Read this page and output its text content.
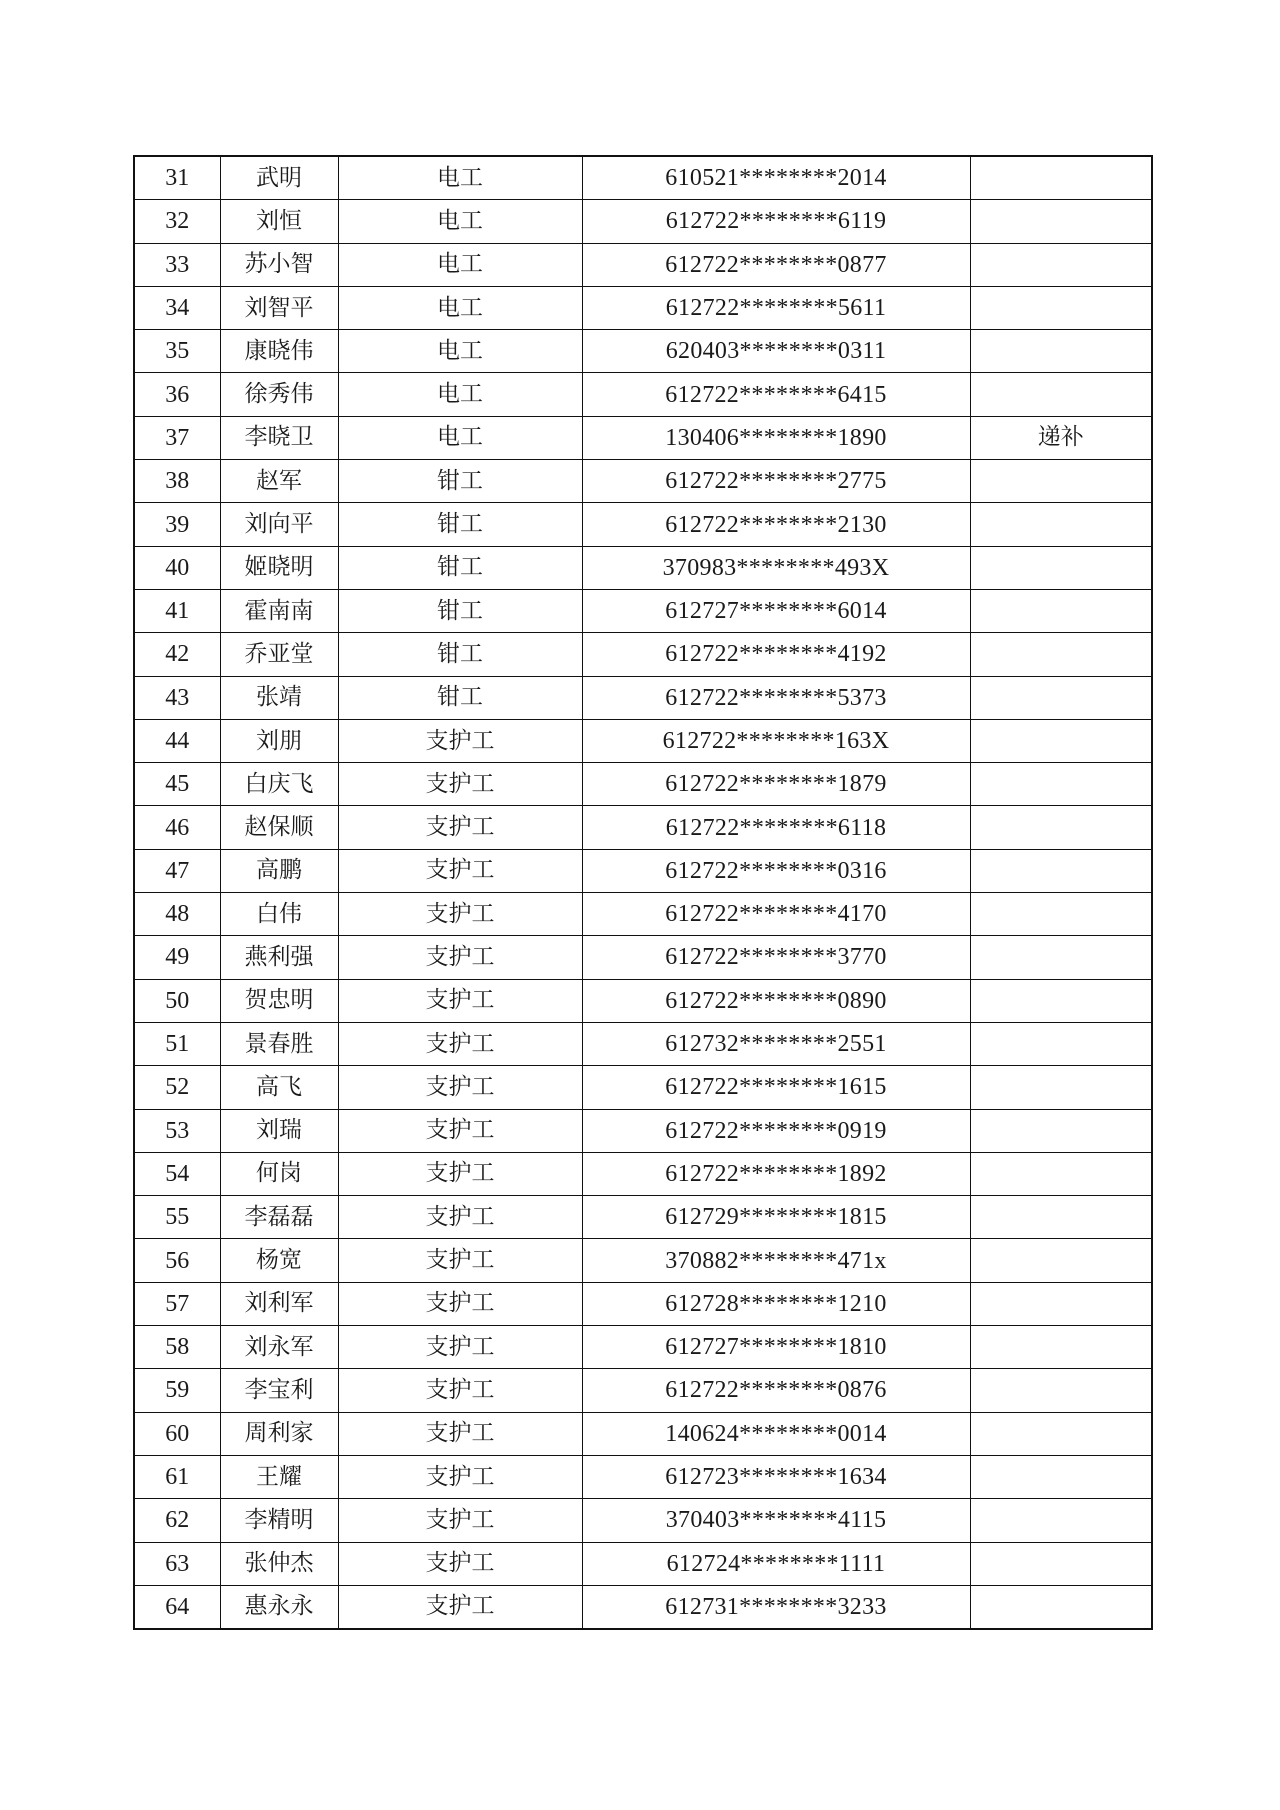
31	武明	电工	610521********2014	
32	刘恒	电工	612722********6119	
33	苏小智	电工	612722********0877	
34	刘智平	电工	612722********5611	
35	康晓伟	电工	620403********0311	
36	徐秀伟	电工	612722********6415	
37	李晓卫	电工	130406********1890	递补
38	赵军	钳工	612722********2775	
39	刘向平	钳工	612722********2130	
40	姬晓明	钳工	370983********493X	
41	霍南南	钳工	612727********6014	
42	乔亚堂	钳工	612722********4192	
43	张靖	钳工	612722********5373	
44	刘朋	支护工	612722********163X	
45	白庆飞	支护工	612722********1879	
46	赵保顺	支护工	612722********6118	
47	高鹏	支护工	612722********0316	
48	白伟	支护工	612722********4170	
49	燕利强	支护工	612722********3770	
50	贺忠明	支护工	612722********0890	
51	景春胜	支护工	612732********2551	
52	高飞	支护工	612722********1615	
53	刘瑞	支护工	612722********0919	
54	何岗	支护工	612722********1892	
55	李磊磊	支护工	612729********1815	
56	杨宽	支护工	370882********471x	
57	刘利军	支护工	612728********1210	
58	刘永军	支护工	612727********1810	
59	李宝利	支护工	612722********0876	
60	周利家	支护工	140624********0014	
61	王耀	支护工	612723********1634	
62	李精明	支护工	370403********4115	
63	张仲杰	支护工	612724********1111	
64	惠永永	支护工	612731********3233	
